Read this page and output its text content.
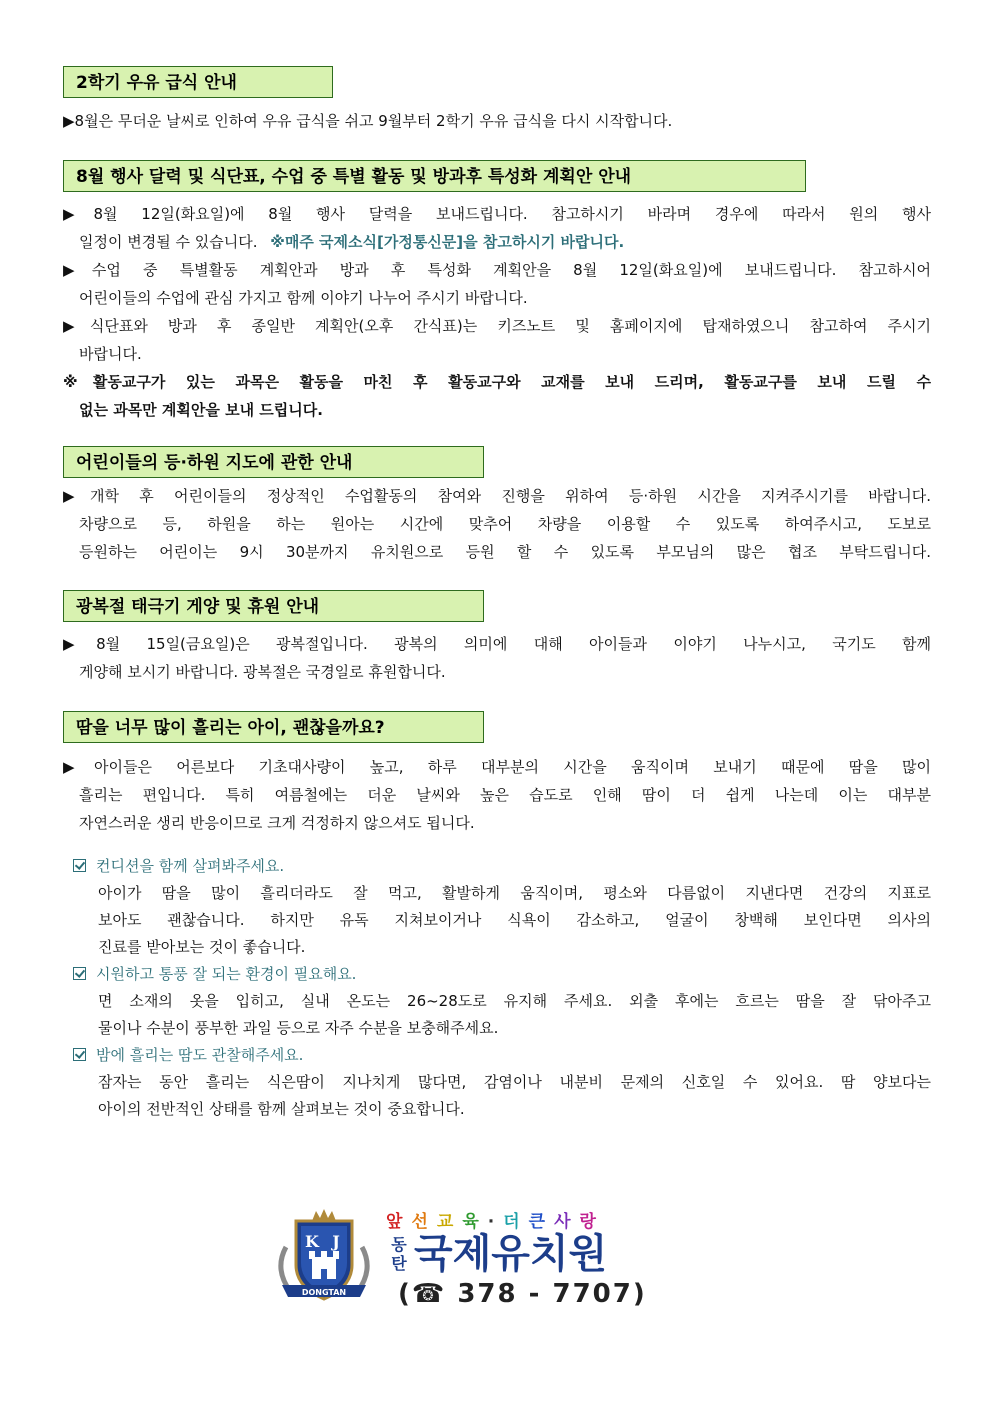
2학기 우유 급식 안내
▶8월은 무더운 날씨로 인하여 우유 급식을 쉬고 9월부터 2학기 우유 급식을 다시 시작합니다.
8월 행사 달력 및 식단표, 수업 중 특별 활동 및 방과후 특성화 계획안 안내
▶8월 12일(화요일)에 8월 행사 달력을 보내드립니다. 참고하시기 바라며 경우에 따라서 원의 행사
일정이 변경될 수 있습니다. ※매주 국제소식[가정통신문]을 참고하시기 바랍니다.
▶수업 중 특별활동 계획안과 방과 후 특성화 계획안을 8월 12일(화요일)에 보내드립니다. 참고하시어
어린이들의 수업에 관심 가지고 함께 이야기 나누어 주시기 바랍니다.
▶식단표와 방과 후 종일반 계획안(오후 간식표)는 키즈노트 및 홈페이지에 탑재하였으니 참고하여 주시기
바랍니다.
※활동교구가 있는 과목은 활동을 마친 후 활동교구와 교재를 보내 드리며, 활동교구를 보내 드릴 수
없는 과목만 계획안을 보내 드립니다.
어린이들의 등·하원 지도에 관한 안내
▶개학 후 어린이들의 정상적인 수업활동의 참여와 진행을 위하여 등·하원 시간을 지켜주시기를 바랍니다.
차량으로 등, 하원을 하는 원아는 시간에 맞추어 차량을 이용할 수 있도록 하여주시고, 도보로
등원하는 어린이는 9시 30분까지 유치원으로 등원 할 수 있도록 부모님의 많은 협조 부탁드립니다.
광복절 태극기 게양 및 휴원 안내
▶8월 15일(금요일)은 광복절입니다. 광복의 의미에 대해 아이들과 이야기 나누시고, 국기도 함께
게양해 보시기 바랍니다. 광복절은 국경일로 휴원합니다.
땀을 너무 많이 흘리는 아이, 괜찮을까요?
▶아이들은 어른보다 기초대사량이 높고, 하루 대부분의 시간을 움직이며 보내기 때문에 땀을 많이
흘리는 편입니다. 특히 여름철에는 더운 날씨와 높은 습도로 인해 땀이 더 쉽게 나는데 이는 대부분
자연스러운 생리 반응이므로 크게 걱정하지 않으셔도 됩니다.
컨디션을 함께 살펴봐주세요.
아이가 땀을 많이 흘리더라도 잘 먹고, 활발하게 움직이며, 평소와 다름없이 지낸다면 건강의 지표로
보아도 괜찮습니다. 하지만 유독 지쳐보이거나 식욕이 감소하고, 얼굴이 창백해 보인다면 의사의
진료를 받아보는 것이 좋습니다.
시원하고 통풍 잘 되는 환경이 필요해요.
면 소재의 옷을 입히고, 실내 온도는 26~28도로 유지해 주세요. 외출 후에는 흐르는 땀을 잘 닦아주고
물이나 수분이 풍부한 과일 등으로 자주 수분을 보충해주세요.
밤에 흘리는 땀도 관찰해주세요.
잠자는 동안 흘리는 식은땀이 지나치게 많다면, 감염이나 내분비 문제의 신호일 수 있어요. 땀 양보다는
아이의 전반적인 상태를 함께 살펴보는 것이 중요합니다.
DONGTAN
K J
앞선교육·더큰사랑
동
탄 국제유치원
(☎ 378 - 7707)
